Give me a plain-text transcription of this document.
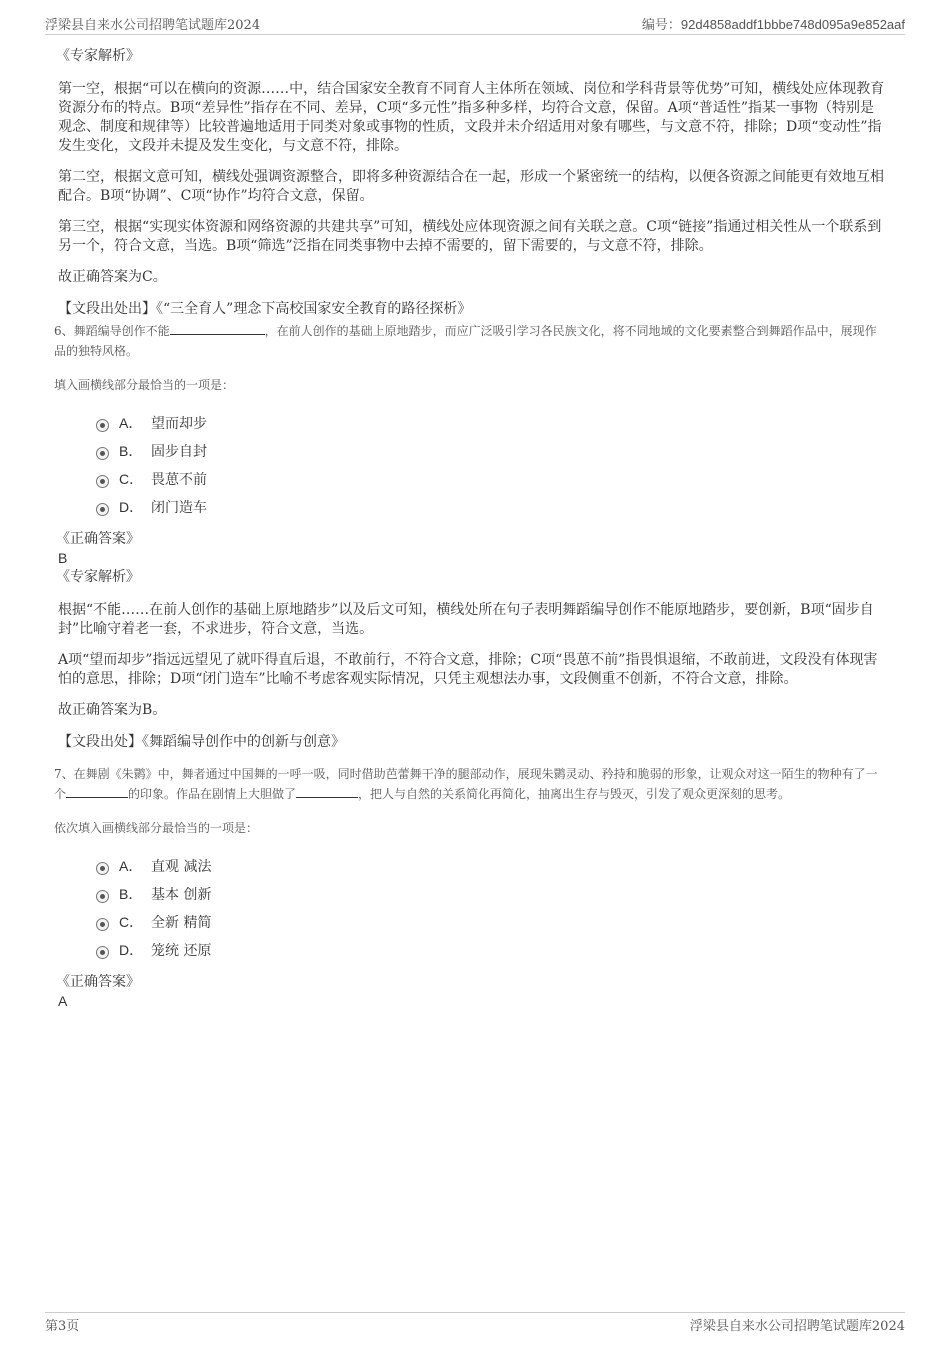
浮梁县自来水公司招聘笔试题库2024	编号：92d4858addf1bbbe748d095a9e852aaf

《专家解析》

第一空，根据“可以在横向的资源……中，结合国家安全教育不同育人主体所在领域、岗位和学科背景等优势”可知，横线处应体现教育资源分布的特点。B项“差异性”指存在不同、差异，C项“多元性”指多种多样，均符合文意，保留。A项“普适性”指某一事物（特别是观念、制度和规律等）比较普遍地适用于同类对象或事物的性质，文段并未介绍适用对象有哪些，与文意不符，排除；D项“变动性”指发生变化，文段并未提及发生变化，与文意不符，排除。

第二空，根据文意可知，横线处强调资源整合，即将多种资源结合在一起，形成一个紧密统一的结构，以便各资源之间能更有效地互相配合。B项“协调”、C项“协作”均符合文意，保留。

第三空，根据“实现实体资源和网络资源的共建共享”可知，横线处应体现资源之间有关联之意。C项“链接”指通过相关性从一个联系到另一个，符合文意，当选。B项“筛选”泛指在同类事物中去掉不需要的，留下需要的，与文意不符，排除。

故正确答案为C。

【文段出处出】《“三全育人”理念下高校国家安全教育的路径探析》

6、舞蹈编导创作不能	，在前人创作的基础上原地踏步，而应广泛吸引学习各民族文化，将不同地域的文化要素整合到舞蹈作品中，展现作品的独特风格。

填入画横线部分最恰当的一项是：

A． 望而却步
B． 固步自封
C． 畏葸不前
D． 闭门造车

《正确答案》

B

《专家解析》

根据“不能……在前人创作的基础上原地踏步”以及后文可知，横线处所在句子表明舞蹈编导创作不能原地踏步，要创新，B项“固步自封”比喻守着老一套，不求进步，符合文意，当选。

A项“望而却步”指远远望见了就吓得直后退，不敢前行，不符合文意，排除；C项“畏葸不前”指畏惧退缩，不敢前进，文段没有体现害怕的意思，排除；D项“闭门造车”比喻不考虑客观实际情况，只凭主观想法办事，文段侧重不创新，不符合文意，排除。

故正确答案为B。

【文段出处】《舞蹈编导创作中的创新与创意》

7、在舞剧《朱鹮》中，舞者通过中国舞的一呼一吸，同时借助芭蕾舞干净的腿部动作，展现朱鹮灵动、矜持和脆弱的形象，让观众对这一陌生的物种有了一个	的印象。作品在剧情上大胆做了	，把人与自然的关系简化再简化，抽离出生存与毁灭，引发了观众更深刻的思考。

依次填入画横线部分最恰当的一项是：

A． 直观 减法
B． 基本 创新
C． 全新 精简
D． 笼统 还原

《正确答案》

A

第3页	浮梁县自来水公司招聘笔试题库2024
